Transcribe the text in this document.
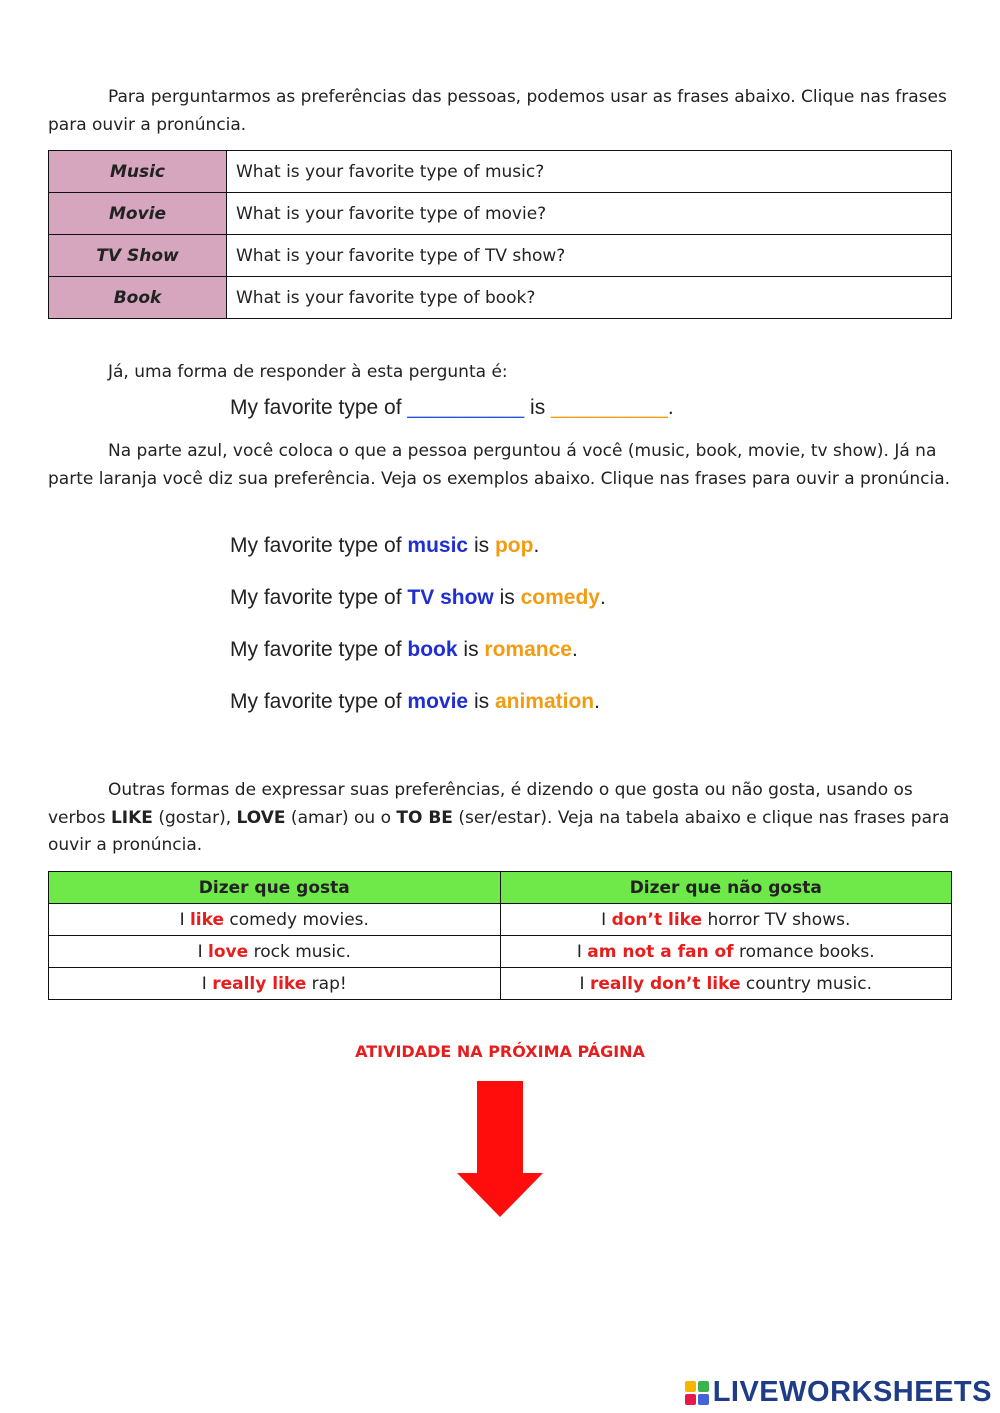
Para perguntarmos as preferências das pessoas, podemos usar as frases abaixo. Clique nas frases para ouvir a pronúncia.

Music	What is your favorite type of music?
Movie	What is your favorite type of movie?
TV Show	What is your favorite type of TV show?
Book	What is your favorite type of book?

Já, uma forma de responder à esta pergunta é:

My favorite type of __________ is __________.

Na parte azul, você coloca o que a pessoa perguntou á você (music, book, movie, tv show). Já na parte laranja você diz sua preferência. Veja os exemplos abaixo. Clique nas frases para ouvir a pronúncia.

My favorite type of music is pop.

My favorite type of TV show is comedy.

My favorite type of book is romance.

My favorite type of movie is animation.

Outras formas de expressar suas preferências, é dizendo o que gosta ou não gosta, usando os verbos LIKE (gostar), LOVE (amar) ou o TO BE (ser/estar). Veja na tabela abaixo e clique nas frases para ouvir a pronúncia.

Dizer que gosta	Dizer que não gosta
I like comedy movies.	I don’t like horror TV shows.
I love rock music.	I am not a fan of romance books.
I really like rap!	I really don’t like country music.
ATIVIDADE NA PRÓXIMA PÁGINA
LIVEWORKSHEETS
